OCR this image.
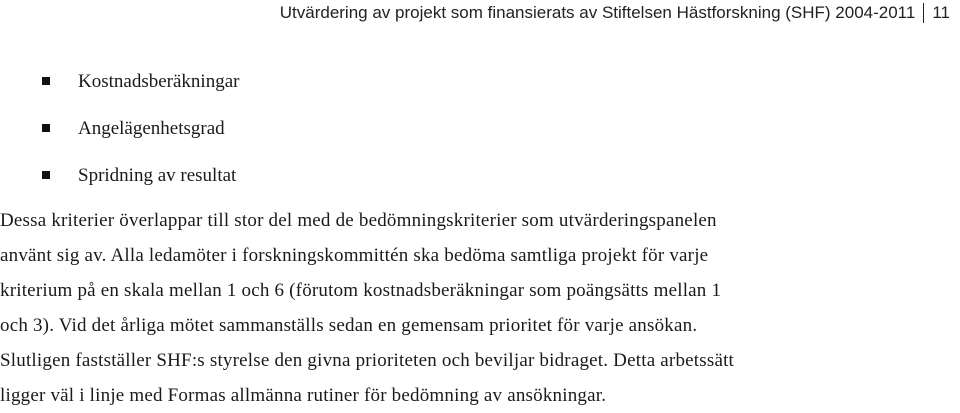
Utvärdering av projekt som finansierats av Stiftelsen Hästforskning (SHF) 2004-2011 11
Kostnadsberäkningar
Angelägenhetsgrad
Spridning av resultat

Dessa kriterier överlappar till stor del med de bedömningskriterier som utvärderingspanelen
använt sig av. Alla ledamöter i forskningskommittén ska bedöma samtliga projekt för varje
kriterium på en skala mellan 1 och 6 (förutom kostnadsberäkningar som poängsätts mellan 1
och 3). Vid det årliga mötet sammanställs sedan en gemensam prioritet för varje ansökan.
Slutligen fastställer SHF:s styrelse den givna prioriteten och beviljar bidraget. Detta arbetssätt
ligger väl i linje med Formas allmänna rutiner för bedömning av ansökningar.
